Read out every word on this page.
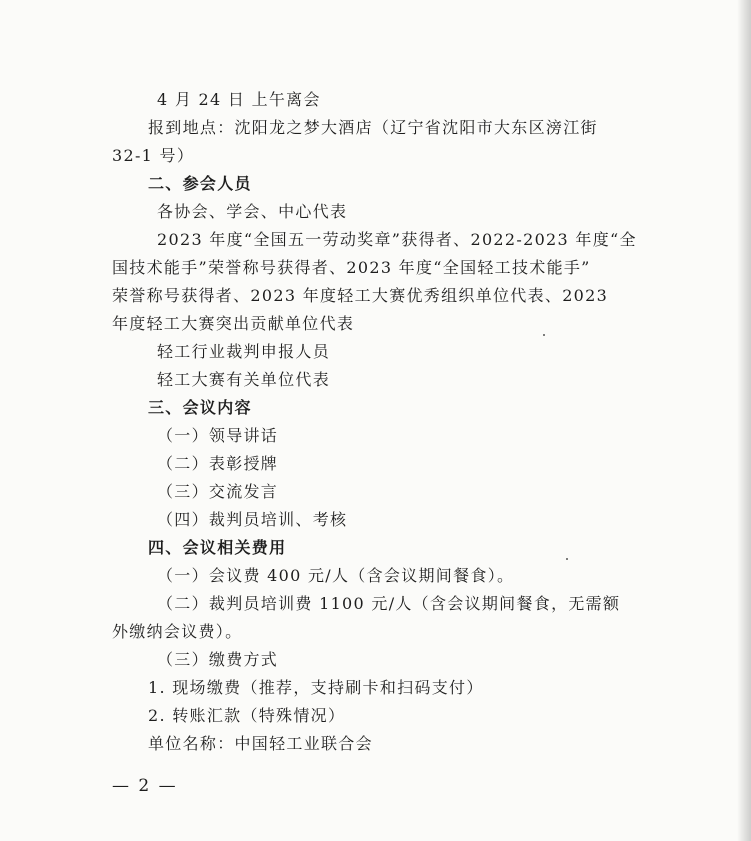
4 月 24 日 上午离会
报到地点：沈阳龙之梦大酒店（辽宁省沈阳市大东区滂江街
32-1 号）
二、参会人员
各协会、学会、中心代表
2023 年度“全国五一劳动奖章”获得者、2022-2023 年度“全
国技术能手”荣誉称号获得者、2023 年度“全国轻工技术能手”
荣誉称号获得者、2023 年度轻工大赛优秀组织单位代表、2023
年度轻工大赛突出贡献单位代表
轻工行业裁判申报人员
轻工大赛有关单位代表
三、会议内容
（一）领导讲话
（二）表彰授牌
（三）交流发言
（四）裁判员培训、考核
四、会议相关费用
（一）会议费 400 元/人（含会议期间餐食）。
（二）裁判员培训费 1100 元/人（含会议期间餐食，无需额
外缴纳会议费）。
（三）缴费方式
1. 现场缴费（推荐，支持刷卡和扫码支付）
2. 转账汇款（特殊情况）
单位名称：中国轻工业联合会
— 2 —
